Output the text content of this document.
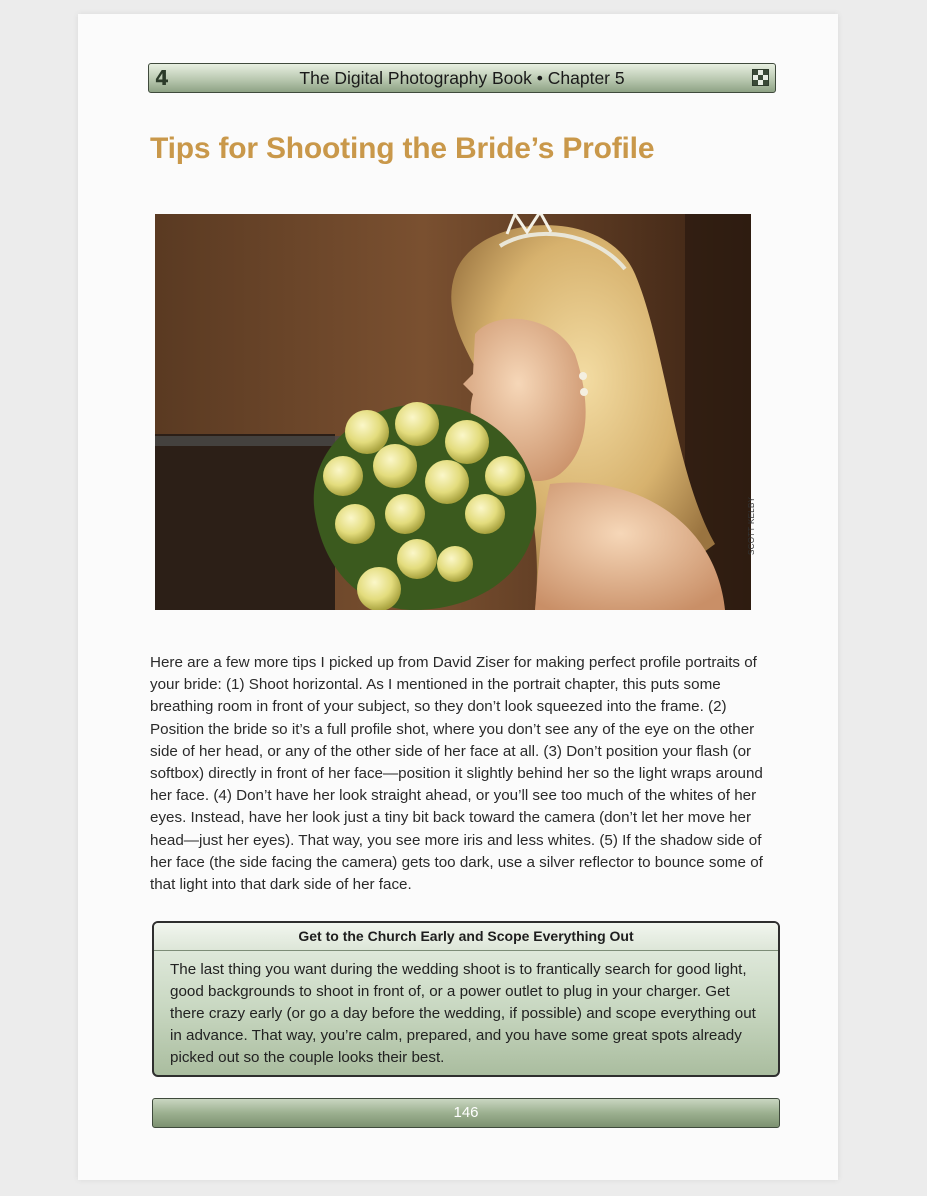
4	The Digital Photography Book • Chapter 5
Tips for Shooting the Bride’s Profile
SCOTT KELBY

Here are a few more tips I picked up from David Ziser for making perfect profile portraits of your bride: (1) Shoot horizontal. As I mentioned in the portrait chapter, this puts some breathing room in front of your subject, so they don’t look squeezed into the frame. (2) Position the bride so it’s a full profile shot, where you don’t see any of the eye on the other side of her head, or any of the other side of her face at all. (3) Don’t position your flash (or softbox) directly in front of her face—position it slightly behind her so the light wraps around her face. (4) Don’t have her look straight ahead, or you’ll see too much of the whites of her eyes. Instead, have her look just a tiny bit back toward the camera (don’t let her move her head—just her eyes). That way, you see more iris and less whites. (5) If the shadow side of her face (the side facing the camera) gets too dark, use a silver reflector to bounce some of that light into that dark side of her face.

Get to the Church Early and Scope Everything Out
The last thing you want during the wedding shoot is to frantically search for good light, good backgrounds to shoot in front of, or a power outlet to plug in your charger. Get there crazy early (or go a day before the wedding, if possible) and scope everything out in advance. That way, you’re calm, prepared, and you have some great spots already picked out so the couple looks their best.
146
